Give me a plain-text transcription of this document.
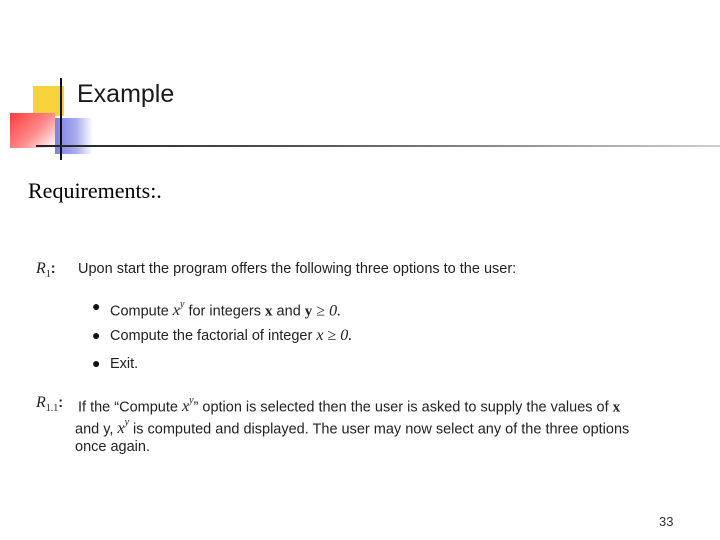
Example
Requirements:.
$R_1$: Upon start the program offers the following three options to the user:
● Compute $x^y$ for integers x and y ≥ 0.
● Compute the factorial of integer x ≥ 0.
● Exit.
$R_{1.1}$: If the “Compute $x^y$” option is selected then the user is asked to supply the values of x
and y, $x^y$ is computed and displayed. The user may now select any of the three options
once again.
33
